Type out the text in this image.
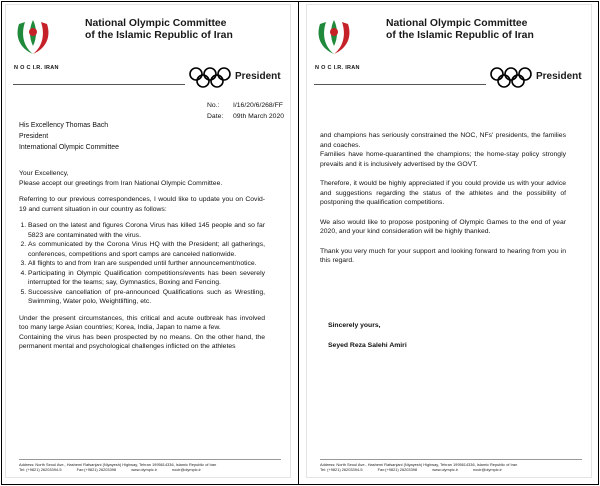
N O C I.R. IRAN
National Olympic Committee
of the Islamic Republic of Iran
President
No.: I/16/20/6/268/FF
Date: 09th March 2020
His Excellency Thomas Bach
President
International Olympic Committee

Your Excellency,

Please accept our greetings from Iran National Olympic Committee.

Referring to our previous correspondences, I would like to update you on Covid-19 and current situation in our country as follows:

1. Based on the latest and figures Corona Virus has killed 145 people and so far 5823 are contaminated with the virus.
2. As communicated by the Corona Virus HQ with the President; all gatherings, conferences, competitions and sport camps are canceled nationwide.
3. All flights to and from Iran are suspended until further announcement/notice.
4. Participating in Olympic Qualification competitions/events has been severely interrupted for the teams; say, Gymnastics, Boxing and Fencing.
5. Successive cancellation of pre-announced Qualifications such as Wrestling, Swimming, Water polo, Weightlifting, etc.

Under the present circumstances, this critical and acute outbreak has involved too many large Asian countries; Korea, India, Japan to name a few.

Containing the virus has been prospected by no means. On the other hand, the permanent mental and psychological challenges inflicted on the athletes

Address: North Seoul Ave., Hashemi Rafsanjani (Niyayesh) Highway, Tehran 1995614336, Islamic Republic of Iran
Tel: (+9821) 26203394-5	Fax:(+9821) 26203398	www.olympic.ir	nocir@olympic.ir
N O C I.R. IRAN
National Olympic Committee
of the Islamic Republic of Iran
President

and champions has seriously constrained the NOC, NFs' presidents, the families and coaches.

Families have home-quarantined the champions; the home-stay policy strongly prevails and it is inclusively advertised by the GOVT.

Therefore, it would be highly appreciated if you could provide us with your advice and suggestions regarding the status of the athletes and the possibility of postponing the qualification competitions.

We also would like to propose postponing of Olympic Games to the end of year 2020, and your kind consideration will be highly thanked.

Thank you very much for your support and looking forward to hearing from you in this regard.

Sincerely yours,
Seyed Reza Salehi Amiri
Address: North Seoul Ave., Hashemi Rafsanjani (Niyayesh) Highway, Tehran 1995614336, Islamic Republic of Iran
Tel: (+9821) 26203394-5	Fax:(+9821) 26203398	www.olympic.ir	nocir@olympic.ir
